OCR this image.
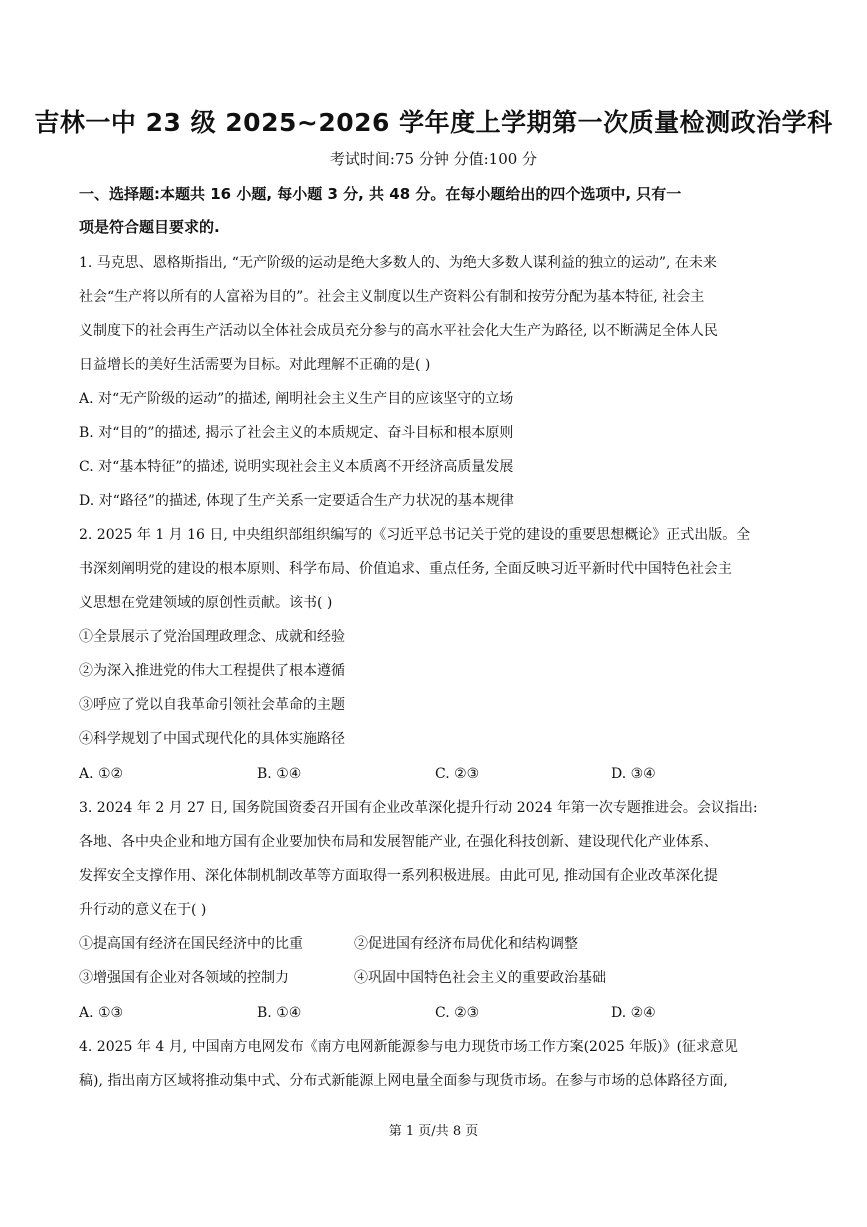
吉林一中 23 级 2025~2026 学年度上学期第一次质量检测政治学科
考试时间:75 分钟 分值:100 分
一、选择题:本题共 16 小题, 每小题 3 分, 共 48 分。在每小题给出的四个选项中, 只有一
项是符合题目要求的.
1. 马克思、恩格斯指出, “无产阶级的运动是绝大多数人的、为绝大多数人谋利益的独立的运动”, 在未来
社会“生产将以所有的人富裕为目的”。社会主义制度以生产资料公有制和按劳分配为基本特征, 社会主
义制度下的社会再生产活动以全体社会成员充分参与的高水平社会化大生产为路径, 以不断满足全体人民
日益增长的美好生活需要为目标。对此理解不正确的是( )
A. 对“无产阶级的运动”的描述, 阐明社会主义生产目的应该坚守的立场
B. 对“目的”的描述, 揭示了社会主义的本质规定、奋斗目标和根本原则
C. 对“基本特征”的描述, 说明实现社会主义本质离不开经济高质量发展
D. 对“路径”的描述, 体现了生产关系一定要适合生产力状况的基本规律
2. 2025 年 1 月 16 日, 中央组织部组织编写的《习近平总书记关于党的建设的重要思想概论》正式出版。全
书深刻阐明党的建设的根本原则、科学布局、价值追求、重点任务, 全面反映习近平新时代中国特色社会主
义思想在党建领域的原创性贡献。该书( )
①全景展示了党治国理政理念、成就和经验
②为深入推进党的伟大工程提供了根本遵循
③呼应了党以自我革命引领社会革命的主题
④科学规划了中国式现代化的具体实施路径
A. ①②	B. ①④	C. ②③	D. ③④
3. 2024 年 2 月 27 日, 国务院国资委召开国有企业改革深化提升行动 2024 年第一次专题推进会。会议指出:
各地、各中央企业和地方国有企业要加快布局和发展智能产业, 在强化科技创新、建设现代化产业体系、
发挥安全支撑作用、深化体制机制改革等方面取得一系列积极进展。由此可见, 推动国有企业改革深化提
升行动的意义在于( )
①提高国有经济在国民经济中的比重	②促进国有经济布局优化和结构调整
③增强国有企业对各领域的控制力	④巩固中国特色社会主义的重要政治基础
A. ①③	B. ①④	C. ②③	D. ②④
4. 2025 年 4 月, 中国南方电网发布《南方电网新能源参与电力现货市场工作方案(2025 年版)》(征求意见
稿), 指出南方区域将推动集中式、分布式新能源上网电量全面参与现货市场。在参与市场的总体路径方面,
第 1 页/共 8 页
